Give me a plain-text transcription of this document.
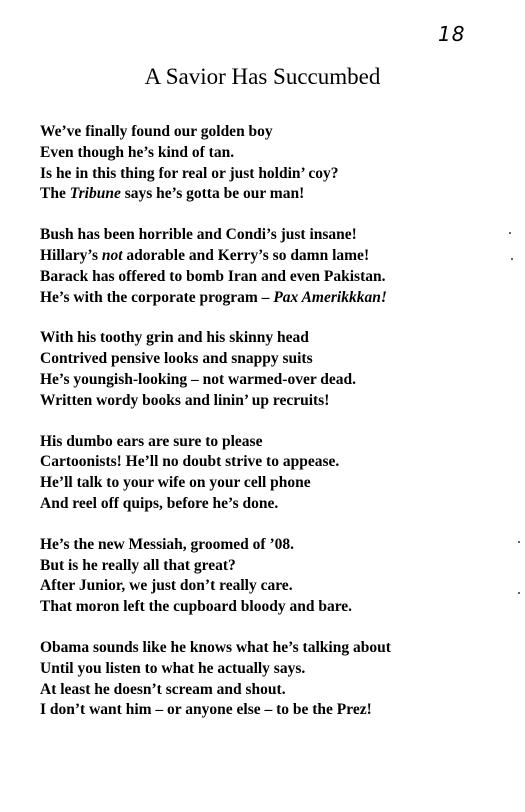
18
A Savior Has Succumbed
We’ve finally found our golden boy
Even though he’s kind of tan.
Is he in this thing for real or just holdin’ coy?
The Tribune says he’s gotta be our man!
Bush has been horrible and Condi’s just insane!
Hillary’s not adorable and Kerry’s so damn lame!
Barack has offered to bomb Iran and even Pakistan.
He’s with the corporate program – Pax Amerikkkan!
With his toothy grin and his skinny head
Contrived pensive looks and snappy suits
He’s youngish-looking – not warmed-over dead.
Written wordy books and linin’ up recruits!
His dumbo ears are sure to please
Cartoonists! He’ll no doubt strive to appease.
He’ll talk to your wife on your cell phone
And reel off quips, before he’s done.
He’s the new Messiah, groomed of ’08.
But is he really all that great?
After Junior, we just don’t really care.
That moron left the cupboard bloody and bare.
Obama sounds like he knows what he’s talking about
Until you listen to what he actually says.
At least he doesn’t scream and shout.
I don’t want him – or anyone else – to be the Prez!
